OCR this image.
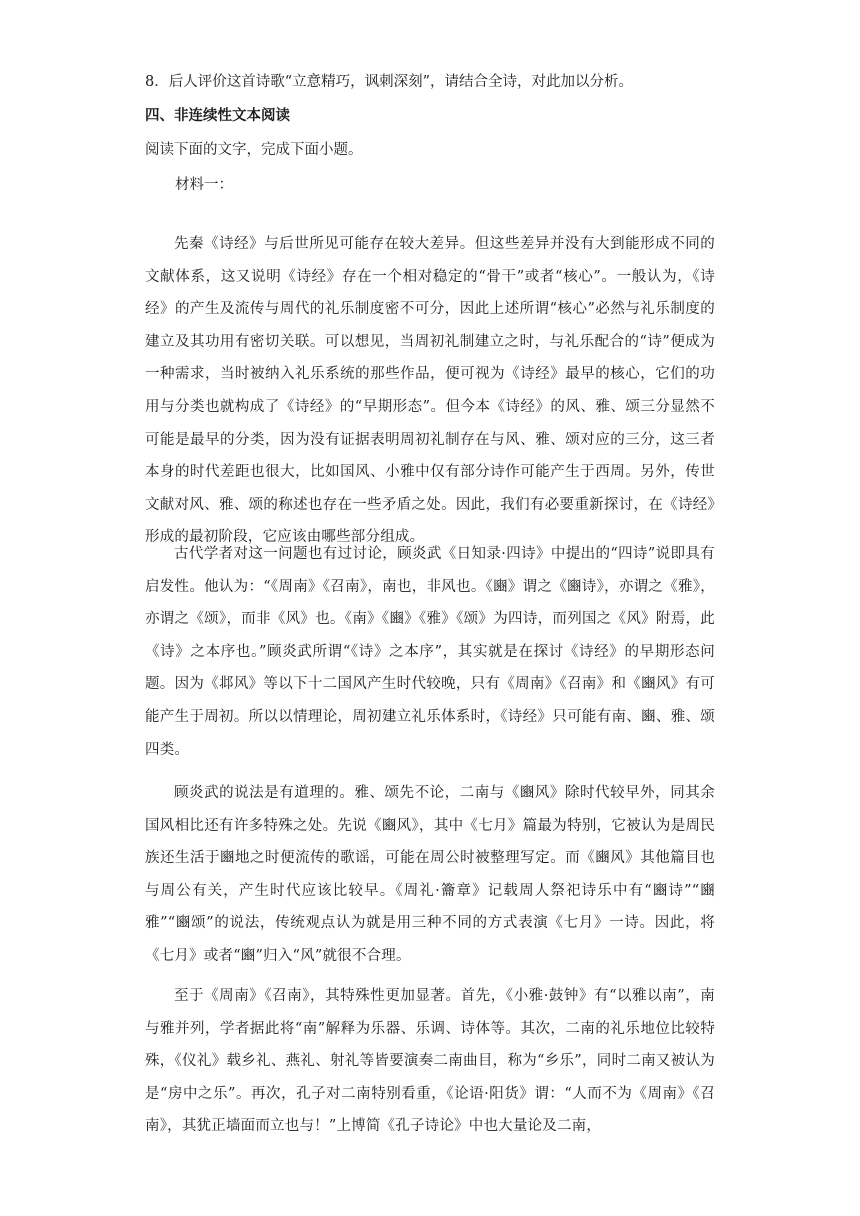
8．后人评价这首诗歌“立意精巧，讽刺深刻”，请结合全诗，对此加以分析。
四、非连续性文本阅读
阅读下面的文字，完成下面小题。
材料一：

先秦《诗经》与后世所见可能存在较大差异。但这些差异并没有大到能形成不同的文献体系，这又说明《诗经》存在一个相对稳定的“骨干”或者“核心”。一般认为，《诗经》的产生及流传与周代的礼乐制度密不可分，因此上述所谓“核心”必然与礼乐制度的建立及其功用有密切关联。可以想见，当周初礼制建立之时，与礼乐配合的“诗”便成为一种需求，当时被纳入礼乐系统的那些作品，便可视为《诗经》最早的核心，它们的功用与分类也就构成了《诗经》的“早期形态”。但今本《诗经》的风、雅、颂三分显然不可能是最早的分类，因为没有证据表明周初礼制存在与风、雅、颂对应的三分，这三者本身的时代差距也很大，比如国风、小雅中仅有部分诗作可能产生于西周。另外，传世文献对风、雅、颂的称述也存在一些矛盾之处。因此，我们有必要重新探讨，在《诗经》形成的最初阶段，它应该由哪些部分组成。

古代学者对这一问题也有过讨论，顾炎武《日知录·四诗》中提出的“四诗”说即具有启发性。他认为：“《周南》《召南》，南也，非风也。《豳》谓之《豳诗》，亦谓之《雅》，亦谓之《颂》，而非《风》也。《南》《豳》《雅》《颂》为四诗，而列国之《风》附焉，此《诗》之本序也。”顾炎武所谓“《诗》之本序”，其实就是在探讨《诗经》的早期形态问题。因为《邶风》等以下十二国风产生时代较晚，只有《周南》《召南》和《豳风》有可能产生于周初。所以以情理论，周初建立礼乐体系时，《诗经》只可能有南、豳、雅、颂四类。

顾炎武的说法是有道理的。雅、颂先不论，二南与《豳风》除时代较早外，同其余国风相比还有许多特殊之处。先说《豳风》，其中《七月》篇最为特别，它被认为是周民族还生活于豳地之时便流传的歌谣，可能在周公时被整理写定。而《豳风》其他篇目也与周公有关，产生时代应该比较早。《周礼·籥章》记载周人祭祀诗乐中有“豳诗”“豳雅”“豳颂”的说法，传统观点认为就是用三种不同的方式表演《七月》一诗。因此，将《七月》或者“豳”归入“风”就很不合理。

至于《周南》《召南》，其特殊性更加显著。首先，《小雅·鼓钟》有“以雅以南”，南与雅并列，学者据此将“南”解释为乐器、乐调、诗体等。其次，二南的礼乐地位比较特殊，《仪礼》载乡礼、燕礼、射礼等皆要演奏二南曲目，称为“乡乐”，同时二南又被认为是“房中之乐”。再次，孔子对二南特别看重，《论语·阳货》谓：“人而不为《周南》《召南》，其犹正墙面而立也与！”上博简《孔子诗论》中也大量论及二南，
